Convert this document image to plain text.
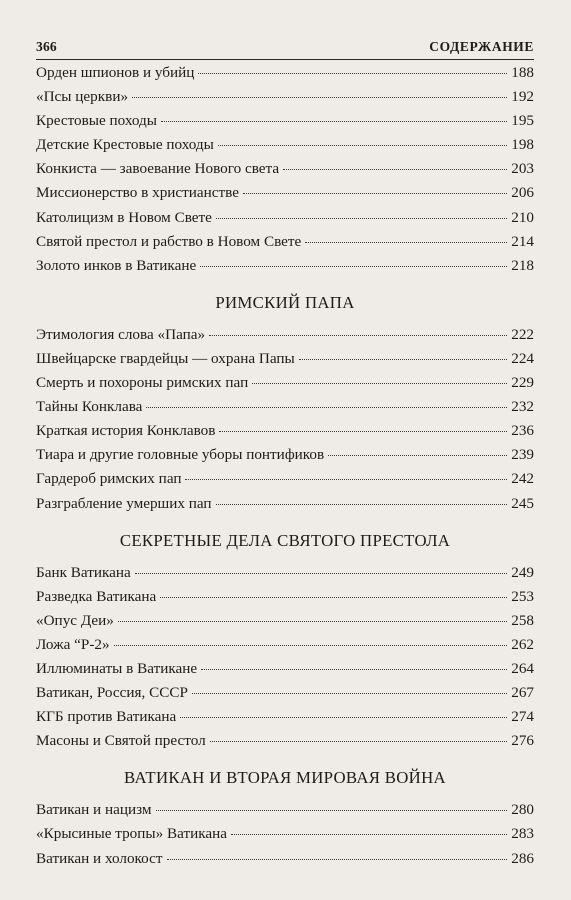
366	СОДЕРЖАНИЕ
Орден шпионов и убийц	188
«Псы церкви»	192
Крестовые походы	195
Детские Крестовые походы	198
Конкиста — завоевание Нового света	203
Миссионерство в христианстве	206
Католицизм в Новом Свете	210
Святой престол и рабство в Новом Свете	214
Золото инков в Ватикане	218
РИМСКИЙ ПАПА
Этимология слова «Папа»	222
Швейцарске гвардейцы — охрана Папы	224
Смерть и похороны римских пап	229
Тайны Конклава	232
Краткая история Конклавов	236
Тиара и другие головные уборы понтификов	239
Гардероб римских пап	242
Разграбление умерших пап	245
СЕКРЕТНЫЕ ДЕЛА СВЯТОГО ПРЕСТОЛА
Банк Ватикана	249
Разведка Ватикана	253
«Опус Деи»	258
Ложа “Р-2»	262
Иллюминаты в Ватикане	264
Ватикан, Россия, СССР	267
КГБ против Ватикана	274
Масоны и Святой престол	276
ВАТИКАН И ВТОРАЯ МИРОВАЯ ВОЙНА
Ватикан и нацизм	280
«Крысиные тропы» Ватикана	283
Ватикан и холокост	286
